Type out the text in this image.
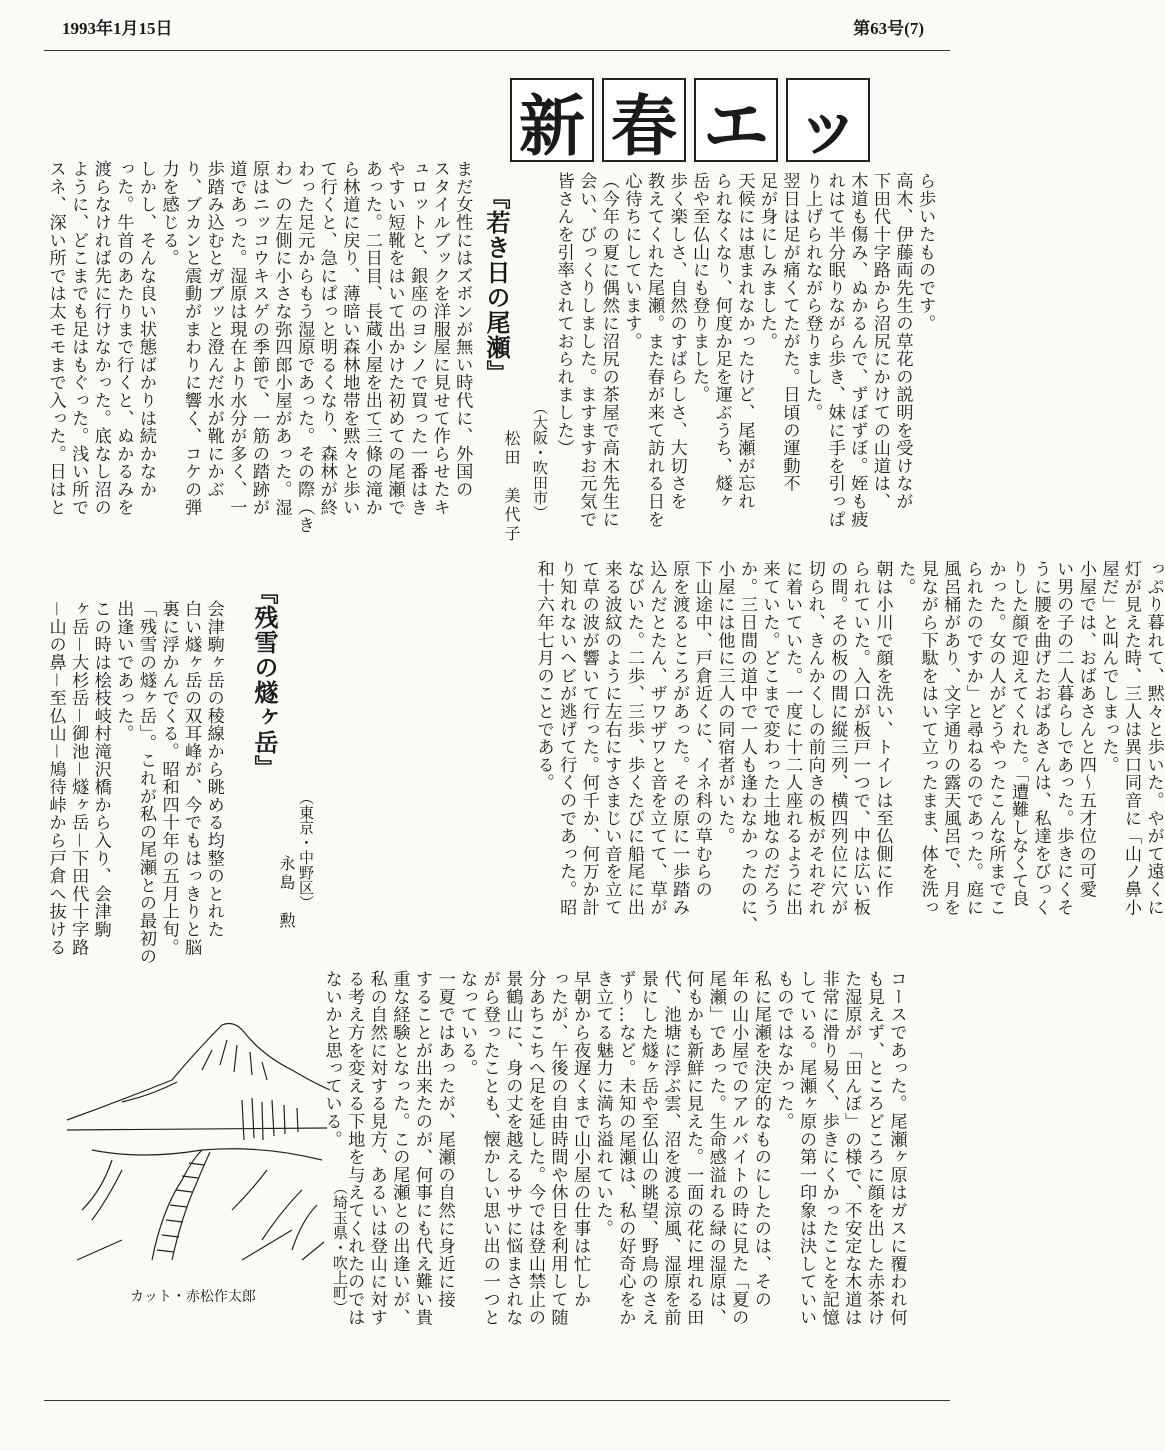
1993年1月15日	第63号(7)
新 春 エ ッ

ら歩いたものです。

高木、伊藤両先生の草花の説明を受けなが

下田代十字路から沼尻にかけての山道は、

木道も傷み、ぬかるんで、ずぼずぼ。姪も疲

れはて半分眠りながら歩き、妹に手を引っぱ

り上げられながら登りました。

翌日は足が痛くてたがた。日頃の運動不

足が身にしみました。

天候には恵まれなかったけど、尾瀬が忘れ

られなくなり、何度か足を運ぶうち、燧ヶ

岳や至仏山にも登りました。

歩く楽しさ、自然のすばらしさ、大切さを

教えてくれた尾瀬。また春が来て訪れる日を

心待ちにしています。

（今年の夏に偶然に沼尻の茶屋で高木先生に

会い、びっくりしました。ますますお元気で

皆さんを引率されておられました）

（大阪・吹田市）
松田　美代子
『若き日の尾瀬』

まだ女性にはズボンが無い時代に、外国の

スタイルブックを洋服屋に見せて作らせたキ

ュロットと、銀座のヨシノで買った一番はき

やすい短靴をはいて出かけた初めての尾瀬で

あった。二日目、長蔵小屋を出て三條の滝か

ら林道に戻り、薄暗い森林地帯を黙々と歩い

て行くと、急にぱっと明るくなり、森林が終

わった足元からもう湿原であった。その際（き

わ）の左側に小さな弥四郎小屋があった。湿

原はニッコウキスゲの季節で、一筋の踏跡が

道であった。湿原は現在より水分が多く、一

歩踏み込むとガブッと澄んだ水が靴にかぶ

り、ブカンと震動がまわりに響く、コケの弾

力を感じる。

しかし、そんな良い状態ばかりは続かなか

った。牛首のあたりまで行くと、ぬかるみを

渡らなければ先に行けなかった。底なし沼の

ように、どこまでも足はもぐった。浅い所で

スネ、深い所では太モモまで入った。日はと

っぷり暮れて、黙々と歩いた。やがて遠くに

灯が見えた時、三人は異口同音に「山ノ鼻小

屋だ」と叫んでしまった。

小屋では、おばあさんと四～五才位の可愛

い男の子の二人暮らしであった。歩きにくそ

うに腰を曲げたおばあさんは、私達をびっく

りした顔で迎えてくれた。「遭難しなくて良

かった。女の人がどうやったこんな所までこ

られたのですか」と尋ねるのであった。庭に

風呂桶があり、文字通りの露天風呂で、月を

見ながら下駄をはいて立ったまま、体を洗っ

た。

朝は小川で顔を洗い、トイレは至仏側に作

られていた。入口が板戸一つで、中は広い板

の間。その板の間に縦三列、横四列位に穴が

切られ、きんかくしの前向きの板がそれぞれ

に着いていた。一度に十二人座れるように出

来ていた。どこまで変わった土地なのだろう

か。三日間の道中で一人も逢わなかったのに、

小屋には他に三人の同宿者がいた。

下山途中、戸倉近くに、イネ科の草むらの

原を渡るところがあった。その原に一歩踏み

込んだとたん、ザワザワと音を立てて、草が

なびいた。二歩、三歩、歩くたびに船尾に出

来る波紋のように左右にすさまじい音を立て

て草の波が響いて行った。何千か、何万か計

り知れないヘビが逃げて行くのであった。昭

和十六年七月のことである。

（東京・中野区）
永島　勲
『残雪の燧ヶ岳』

会津駒ヶ岳の稜線から眺める均整のとれた

白い燧ヶ岳の双耳峰が、今でもはっきりと脳

裏に浮かんでくる。昭和四十年の五月上旬。

「残雪の燧ヶ岳」。これが私の尾瀬との最初の

出逢いであった。

この時は桧枝岐村滝沢橋から入り、会津駒

ヶ岳－大杉岳－御池－燧ヶ岳－下田代十字路

－山の鼻－至仏山－鳩待峠から戸倉へ抜ける

コースであった。尾瀬ヶ原はガスに覆われ何

も見えず、ところどころに顔を出した赤茶け

た湿原が「田んぼ」の様で、不安定な木道は

非常に滑り易く、歩きにくかったことを記憶

している。尾瀬ヶ原の第一印象は決していい

ものではなかった。

私に尾瀬を決定的なものにしたのは、その

年の山小屋でのアルバイトの時に見た「夏の

尾瀬」であった。生命感溢れる緑の湿原は、

何もかも新鮮に見えた。一面の花に埋れる田

代、池塘に浮ぶ雲、沼を渡る涼風、湿原を前

景にした燧ヶ岳や至仏山の眺望、野鳥のさえ

ずり…など。未知の尾瀬は、私の好奇心をか

き立てる魅力に満ち溢れていた。

早朝から夜遅くまで山小屋の仕事は忙しか

ったが、午後の自由時間や休日を利用して随

分あちこちへ足を延した。今では登山禁止の

景鶴山に、身の丈を越えるササに悩まされな

がら登ったことも、懐かしい思い出の一つと

なっている。

一夏ではあったが、尾瀬の自然に身近に接

することが出来たのが、何事にも代え難い貴

重な経験となった。この尾瀬との出逢いが、

私の自然に対する見方、あるいは登山に対す

る考え方を変える下地を与えてくれたのでは

ないかと思っている。

（埼玉県・吹上町）
カット・赤松作太郎
